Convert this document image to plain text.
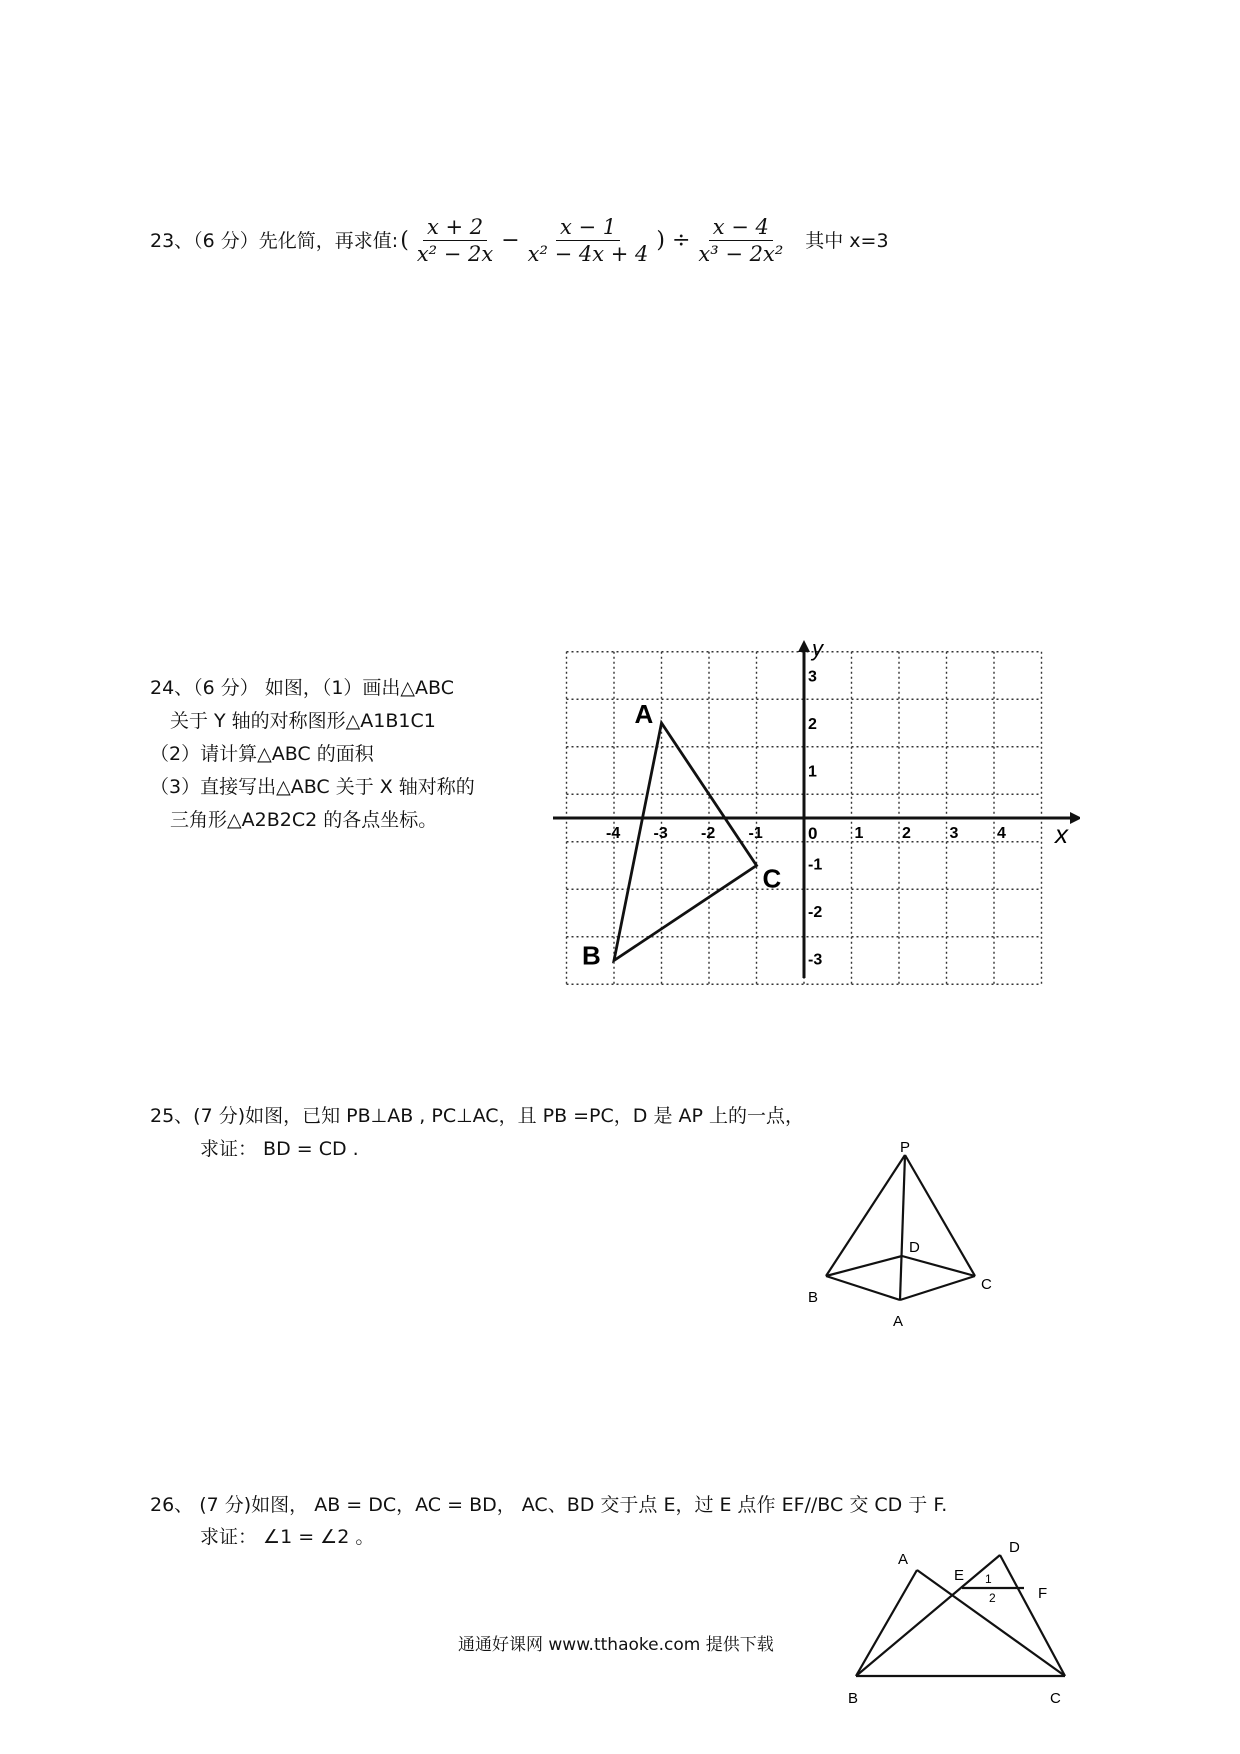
23、（6 分）先化简，再求值: ( $\frac{x + 2}{\text{x² − 2x}} - \frac{x - 1}{\text{x² − 4x + 4}}$ ) ÷ $\frac{x - 4}{\text{x³ − 2x²}}$ 其中 x=3
24、（6 分） 如图，（1）画出△ABC
关于 Y 轴的对称图形△A1B1C1
（2）请计算△ABC 的面积
（3）直接写出△ABC 关于 X 轴对称的
三角形△A2B2C2 的各点坐标。	x
y
0
-4 -3 -2 -1	1 2 3 4
3
2
1
-1
-2
-3
A
B
C
25、(7 分)如图，已知 PB⊥AB , PC⊥AC，且 PB =PC，D 是 AP 上的一点，
求证： BD = CD .	P
D
B
C
A
26、 (7 分)如图， AB = DC，AC = BD， AC、BD 交于点 E，过 E 点作 EF//BC 交 CD 于 F.
求证： ∠1 = ∠2 。
A
D
E
F
B	C
1
2
通通好课网 www.tthaoke.com 提供下载
